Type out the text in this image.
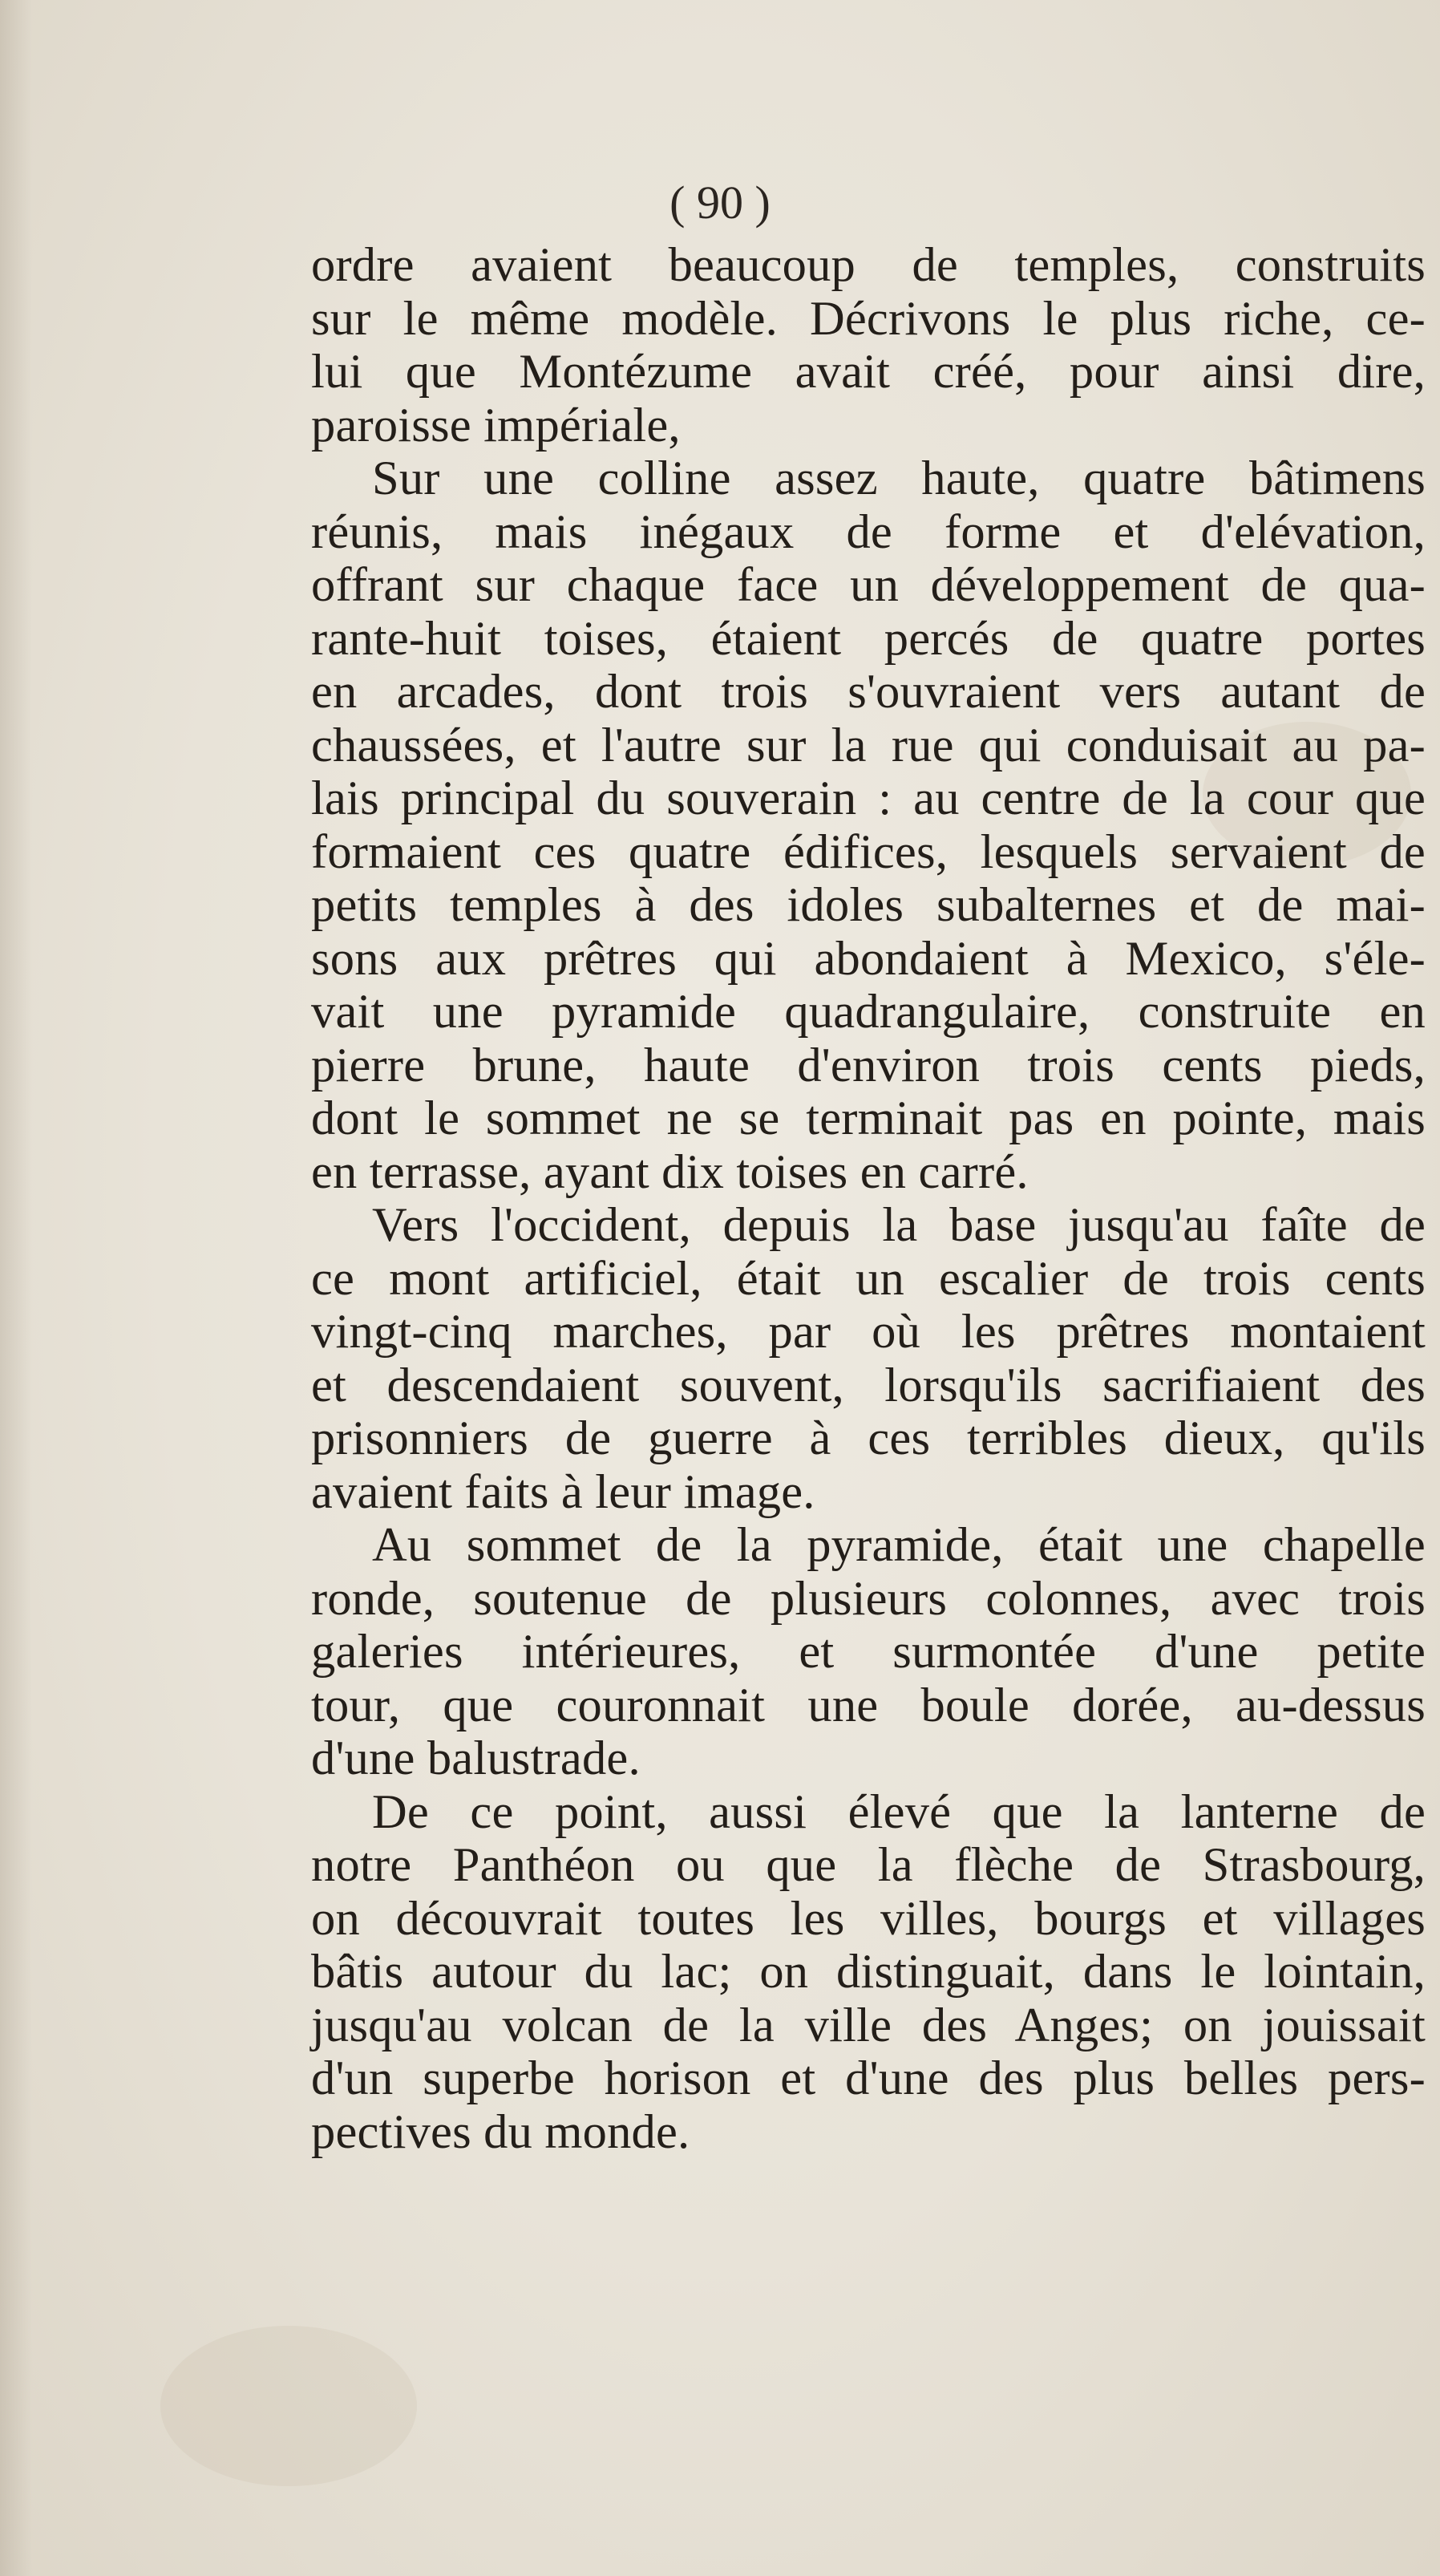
( 90 )
ordre avaient beaucoup de temples, construits
sur le même modèle. Décrivons le plus riche, ce-
lui que Montézume avait créé, pour ainsi dire,
paroisse impériale,
Sur une colline assez haute, quatre bâtimens
réunis, mais inégaux de forme et d'elévation,
offrant sur chaque face un développement de qua-
rante-huit toises, étaient percés de quatre portes
en arcades, dont trois s'ouvraient vers autant de
chaussées, et l'autre sur la rue qui conduisait au pa-
lais principal du souverain : au centre de la cour que
formaient ces quatre édifices, lesquels servaient de
petits temples à des idoles subalternes et de mai-
sons aux prêtres qui abondaient à Mexico, s'éle-
vait une pyramide quadrangulaire, construite en
pierre brune, haute d'environ trois cents pieds,
dont le sommet ne se terminait pas en pointe, mais
en terrasse, ayant dix toises en carré.
Vers l'occident, depuis la base jusqu'au faîte de
ce mont artificiel, était un escalier de trois cents
vingt-cinq marches, par où les prêtres montaient
et descendaient souvent, lorsqu'ils sacrifiaient des
prisonniers de guerre à ces terribles dieux, qu'ils
avaient faits à leur image.
Au sommet de la pyramide, était une chapelle
ronde, soutenue de plusieurs colonnes, avec trois
galeries intérieures, et surmontée d'une petite
tour, que couronnait une boule dorée, au-dessus
d'une balustrade.
De ce point, aussi élevé que la lanterne de
notre Panthéon ou que la flèche de Strasbourg,
on découvrait toutes les villes, bourgs et villages
bâtis autour du lac; on distinguait, dans le lointain,
jusqu'au volcan de la ville des Anges; on jouissait
d'un superbe horison et d'une des plus belles pers-
pectives du monde.
